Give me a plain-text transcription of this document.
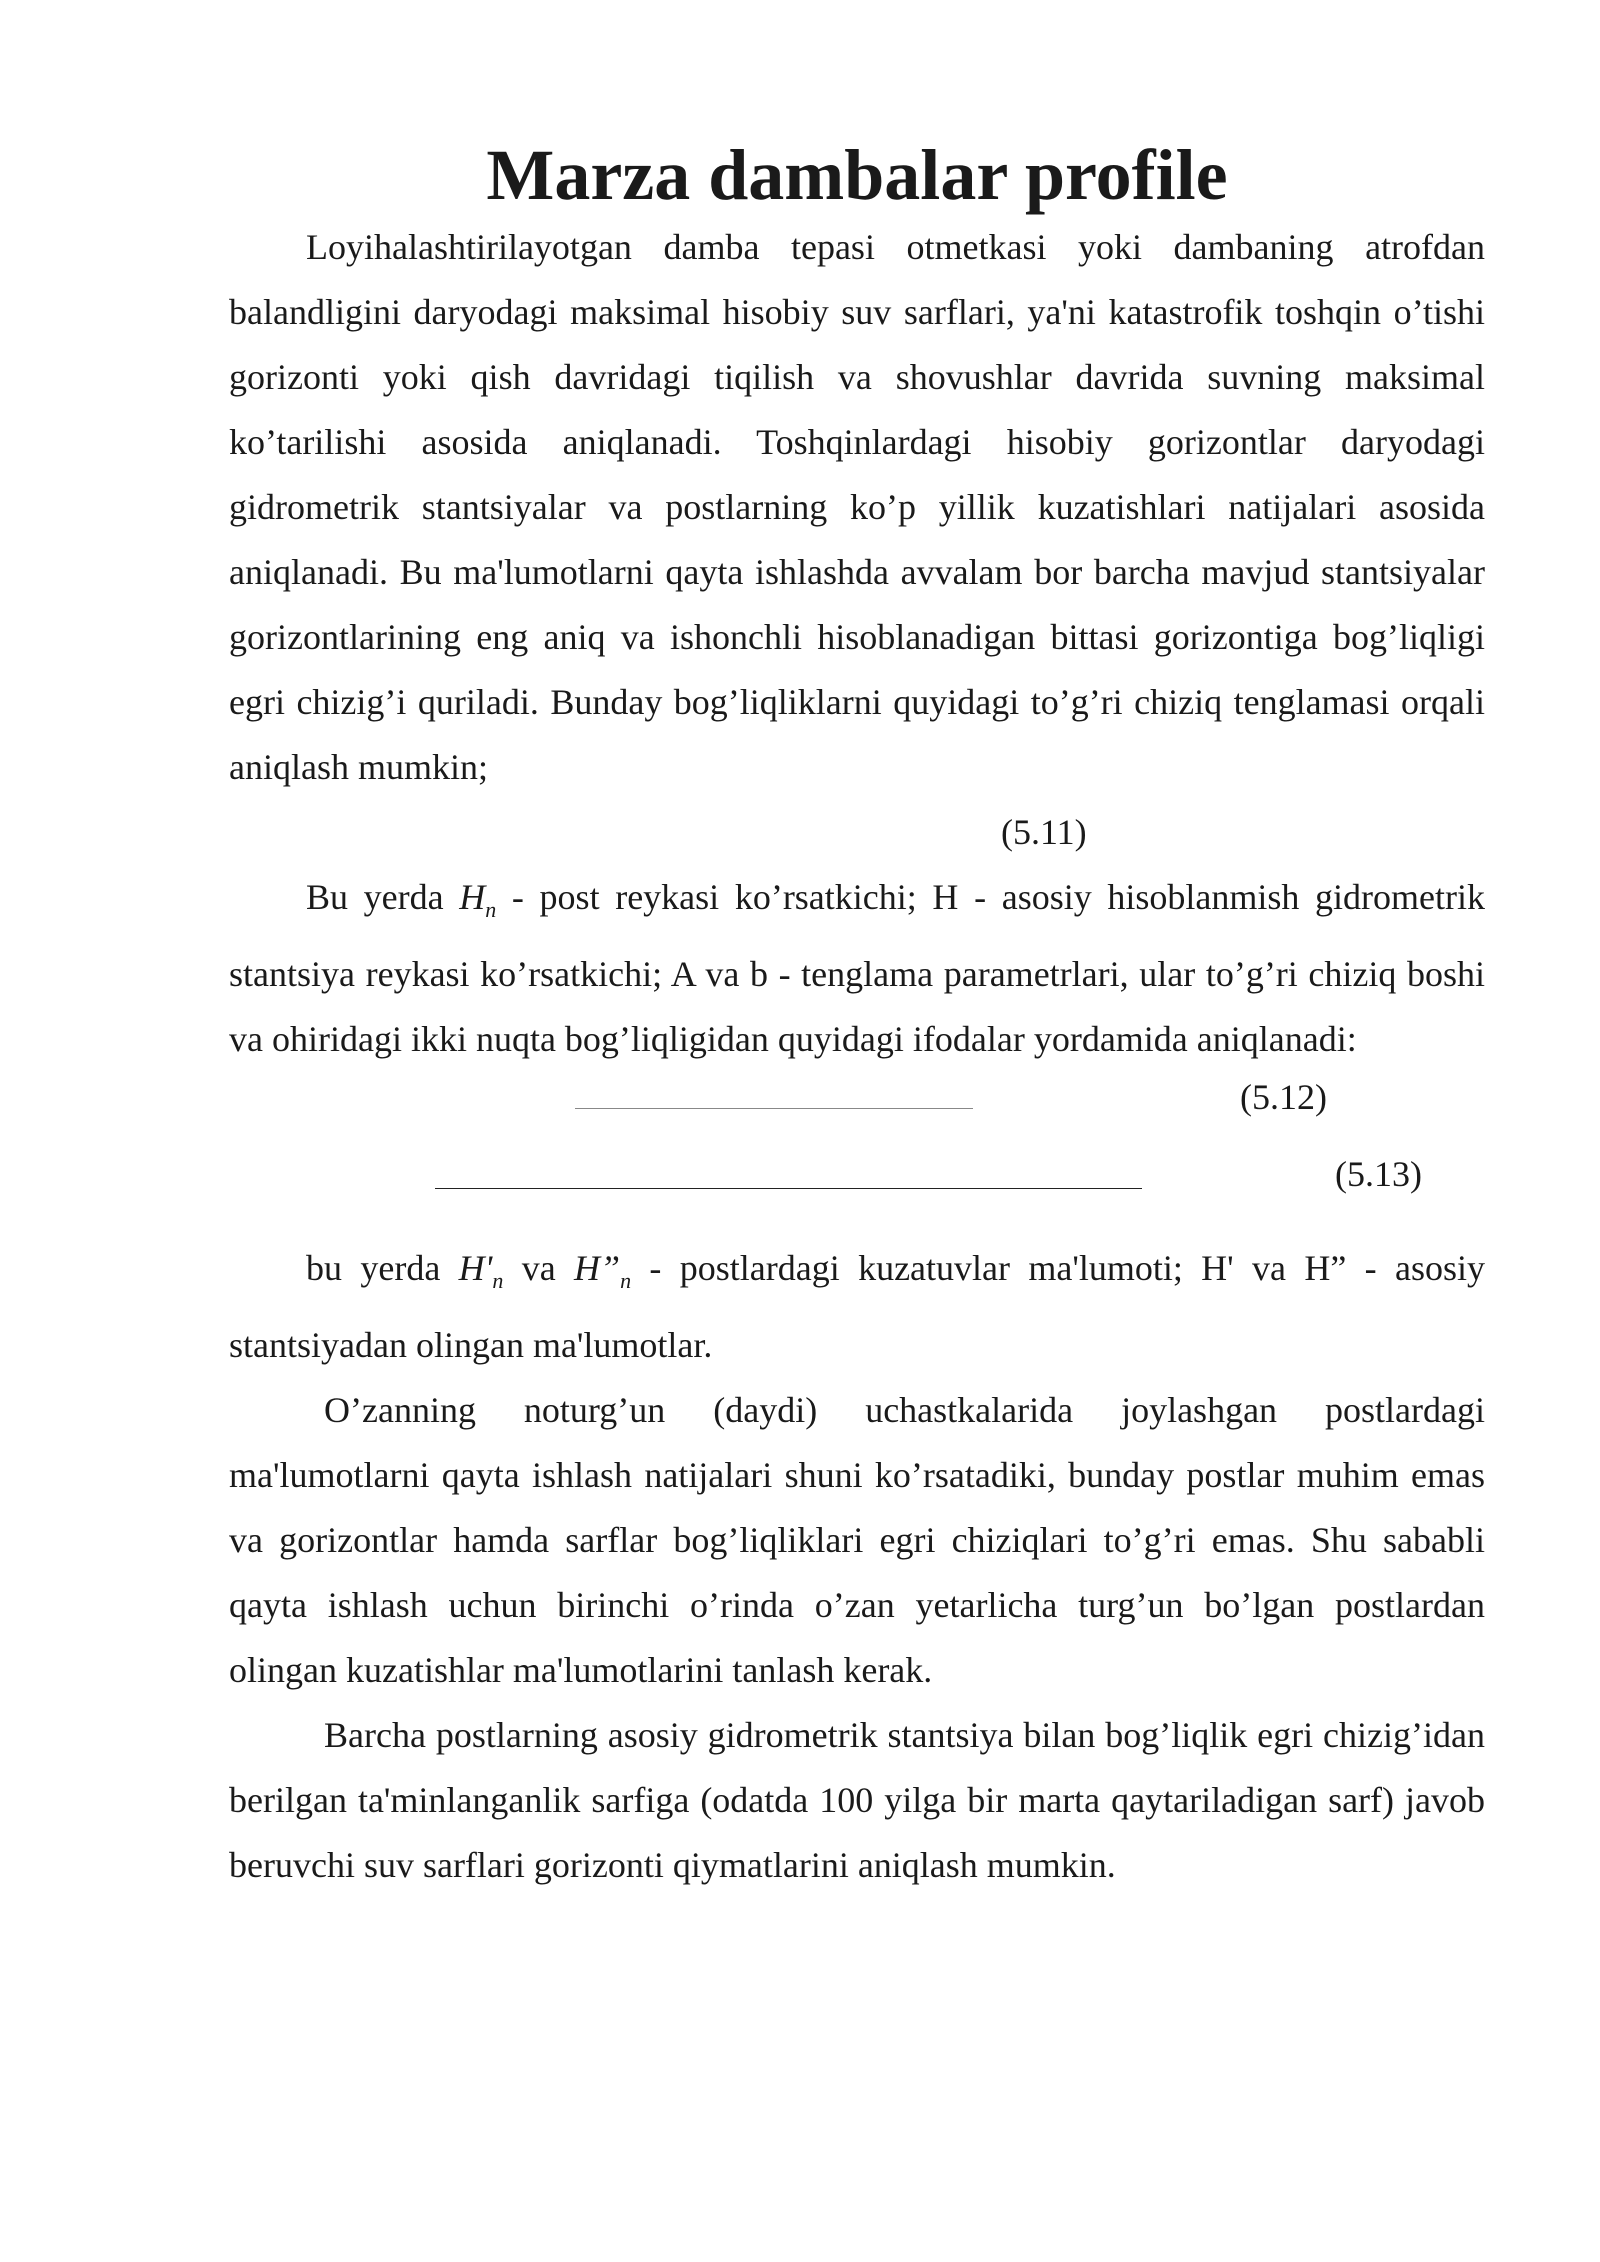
Marza dambalar profile

Loyihalashtirilayotgan damba tepasi otmetkasi yoki dambaning atrofdan balandligini daryodagi maksimal hisobiy suv sarflari, ya'ni katastrofik toshqin o’tishi gorizonti yoki qish davridagi tiqilish va shovushlar davrida suvning maksimal ko’tarilishi asosida aniqlanadi. Toshqinlardagi hisobiy gorizontlar daryodagi gidrometrik stantsiyalar va postlarning ko’p yillik kuzatishlari natijalari asosida aniqlanadi. Bu ma'lumotlarni qayta ishlashda avvalam bor barcha mavjud stantsiyalar gorizontlarining eng aniq va ishonchli hisoblanadigan bittasi gorizontiga bog’liqligi egri chizig’i quriladi. Bunday bog’liqliklarni quyidagi to’g’ri chiziq tenglamasi orqali aniqlash mumkin;

(5.11)

Bu yerda $H_n$ - post reykasi ko’rsatkichi; H - asosiy hisoblanmish gidrometrik stantsiya reykasi ko’rsatkichi; A va b - tenglama parametrlari, ular to’g’ri chiziq boshi va ohiridagi ikki nuqta bog’liqligidan quyidagi ifodalar yordamida aniqlanadi:

(5.12)
(5.13)

bu yerda $H'_n$ va $H”_n$ - postlardagi kuzatuvlar ma'lumoti; H' va H” - asosiy stantsiyadan olingan ma'lumotlar.

O’zanning noturg’un (daydi) uchastkalarida joylashgan postlardagi ma'lumotlarni qayta ishlash natijalari shuni ko’rsatadiki, bunday postlar muhim emas va gorizontlar hamda sarflar bog’liqliklari egri chiziqlari to’g’ri emas. Shu sababli qayta ishlash uchun birinchi o’rinda o’zan yetarlicha turg’un bo’lgan postlardan olingan kuzatishlar ma'lumotlarini tanlash kerak.

Barcha postlarning asosiy gidrometrik stantsiya bilan bog’liqlik egri chizig’idan berilgan ta'minlanganlik sarfiga (odatda 100 yilga bir marta qaytariladigan sarf) javob beruvchi suv sarflari gorizonti qiymatlarini aniqlash mumkin.
